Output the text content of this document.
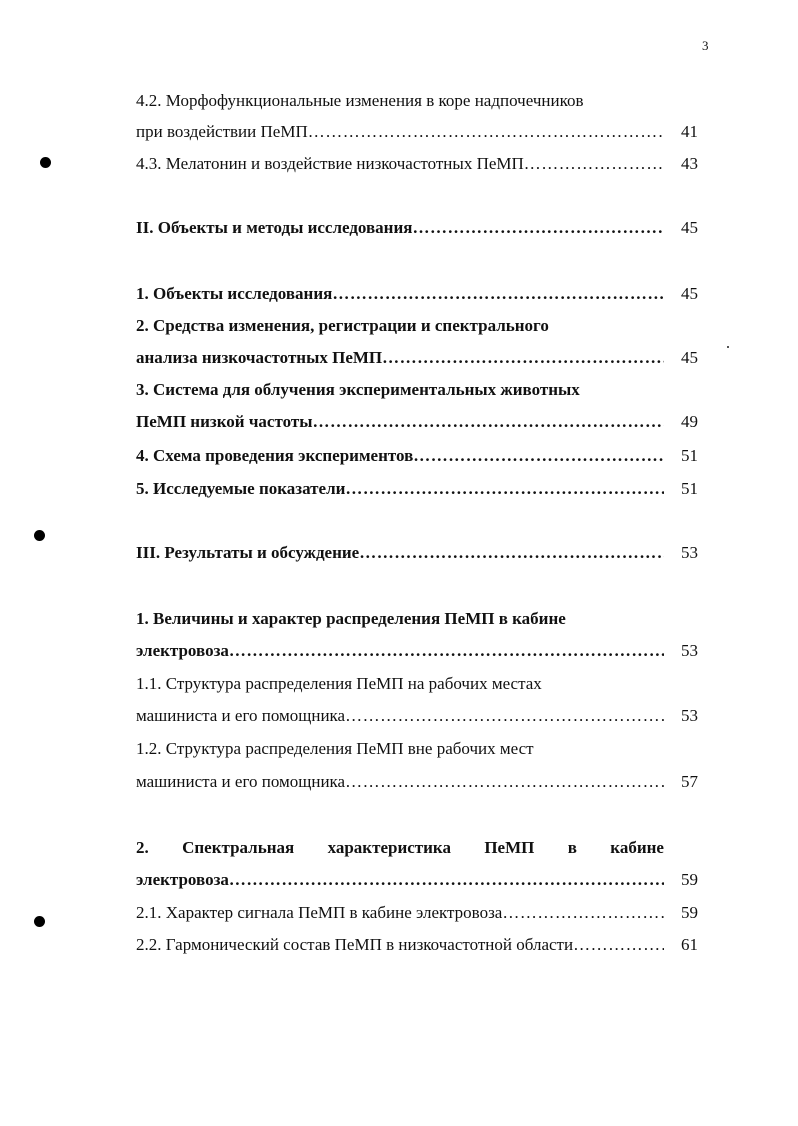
3
4.2. Морфофункциональные изменения в коре надпочечников
при воздействии ПеМП ……………………………………………………………………………………………	41
4.3. Мелатонин и воздействие низкочастотных ПеМП ……………………………………………………………………………………………	43
II. Объекты и методы исследования ……………………………………………………………………………………………	45
1. Объекты исследования ……………………………………………………………………………………………	45
2. Средства изменения, регистрации и спектрального
анализа низкочастотных ПеМП ……………………………………………………………………………………………	45
3. Система для облучения экспериментальных животных
ПеМП низкой частоты ……………………………………………………………………………………………	49
4. Схема проведения экспериментов ……………………………………………………………………………………………	51
5. Исследуемые показатели ……………………………………………………………………………………………	51
III. Результаты и обсуждение ……………………………………………………………………………………………	53
1. Величины и характер распределения ПеМП в кабине
электровоза ……………………………………………………………………………………………	53
1.1. Структура распределения ПеМП на рабочих местах
машиниста и его помощника ……………………………………………………………………………………………	53
1.2. Структура распределения ПеМП вне рабочих мест
машиниста и его помощника ……………………………………………………………………………………………	57
2. Спектральная характеристика ПеМП в кабине
электровоза ……………………………………………………………………………………………	59
2.1. Характер сигнала ПеМП в кабине электровоза ……………………………………………………………………………………………	59
2.2. Гармонический состав ПеМП в низкочастотной области ……………………………………………………………………………………………	61
